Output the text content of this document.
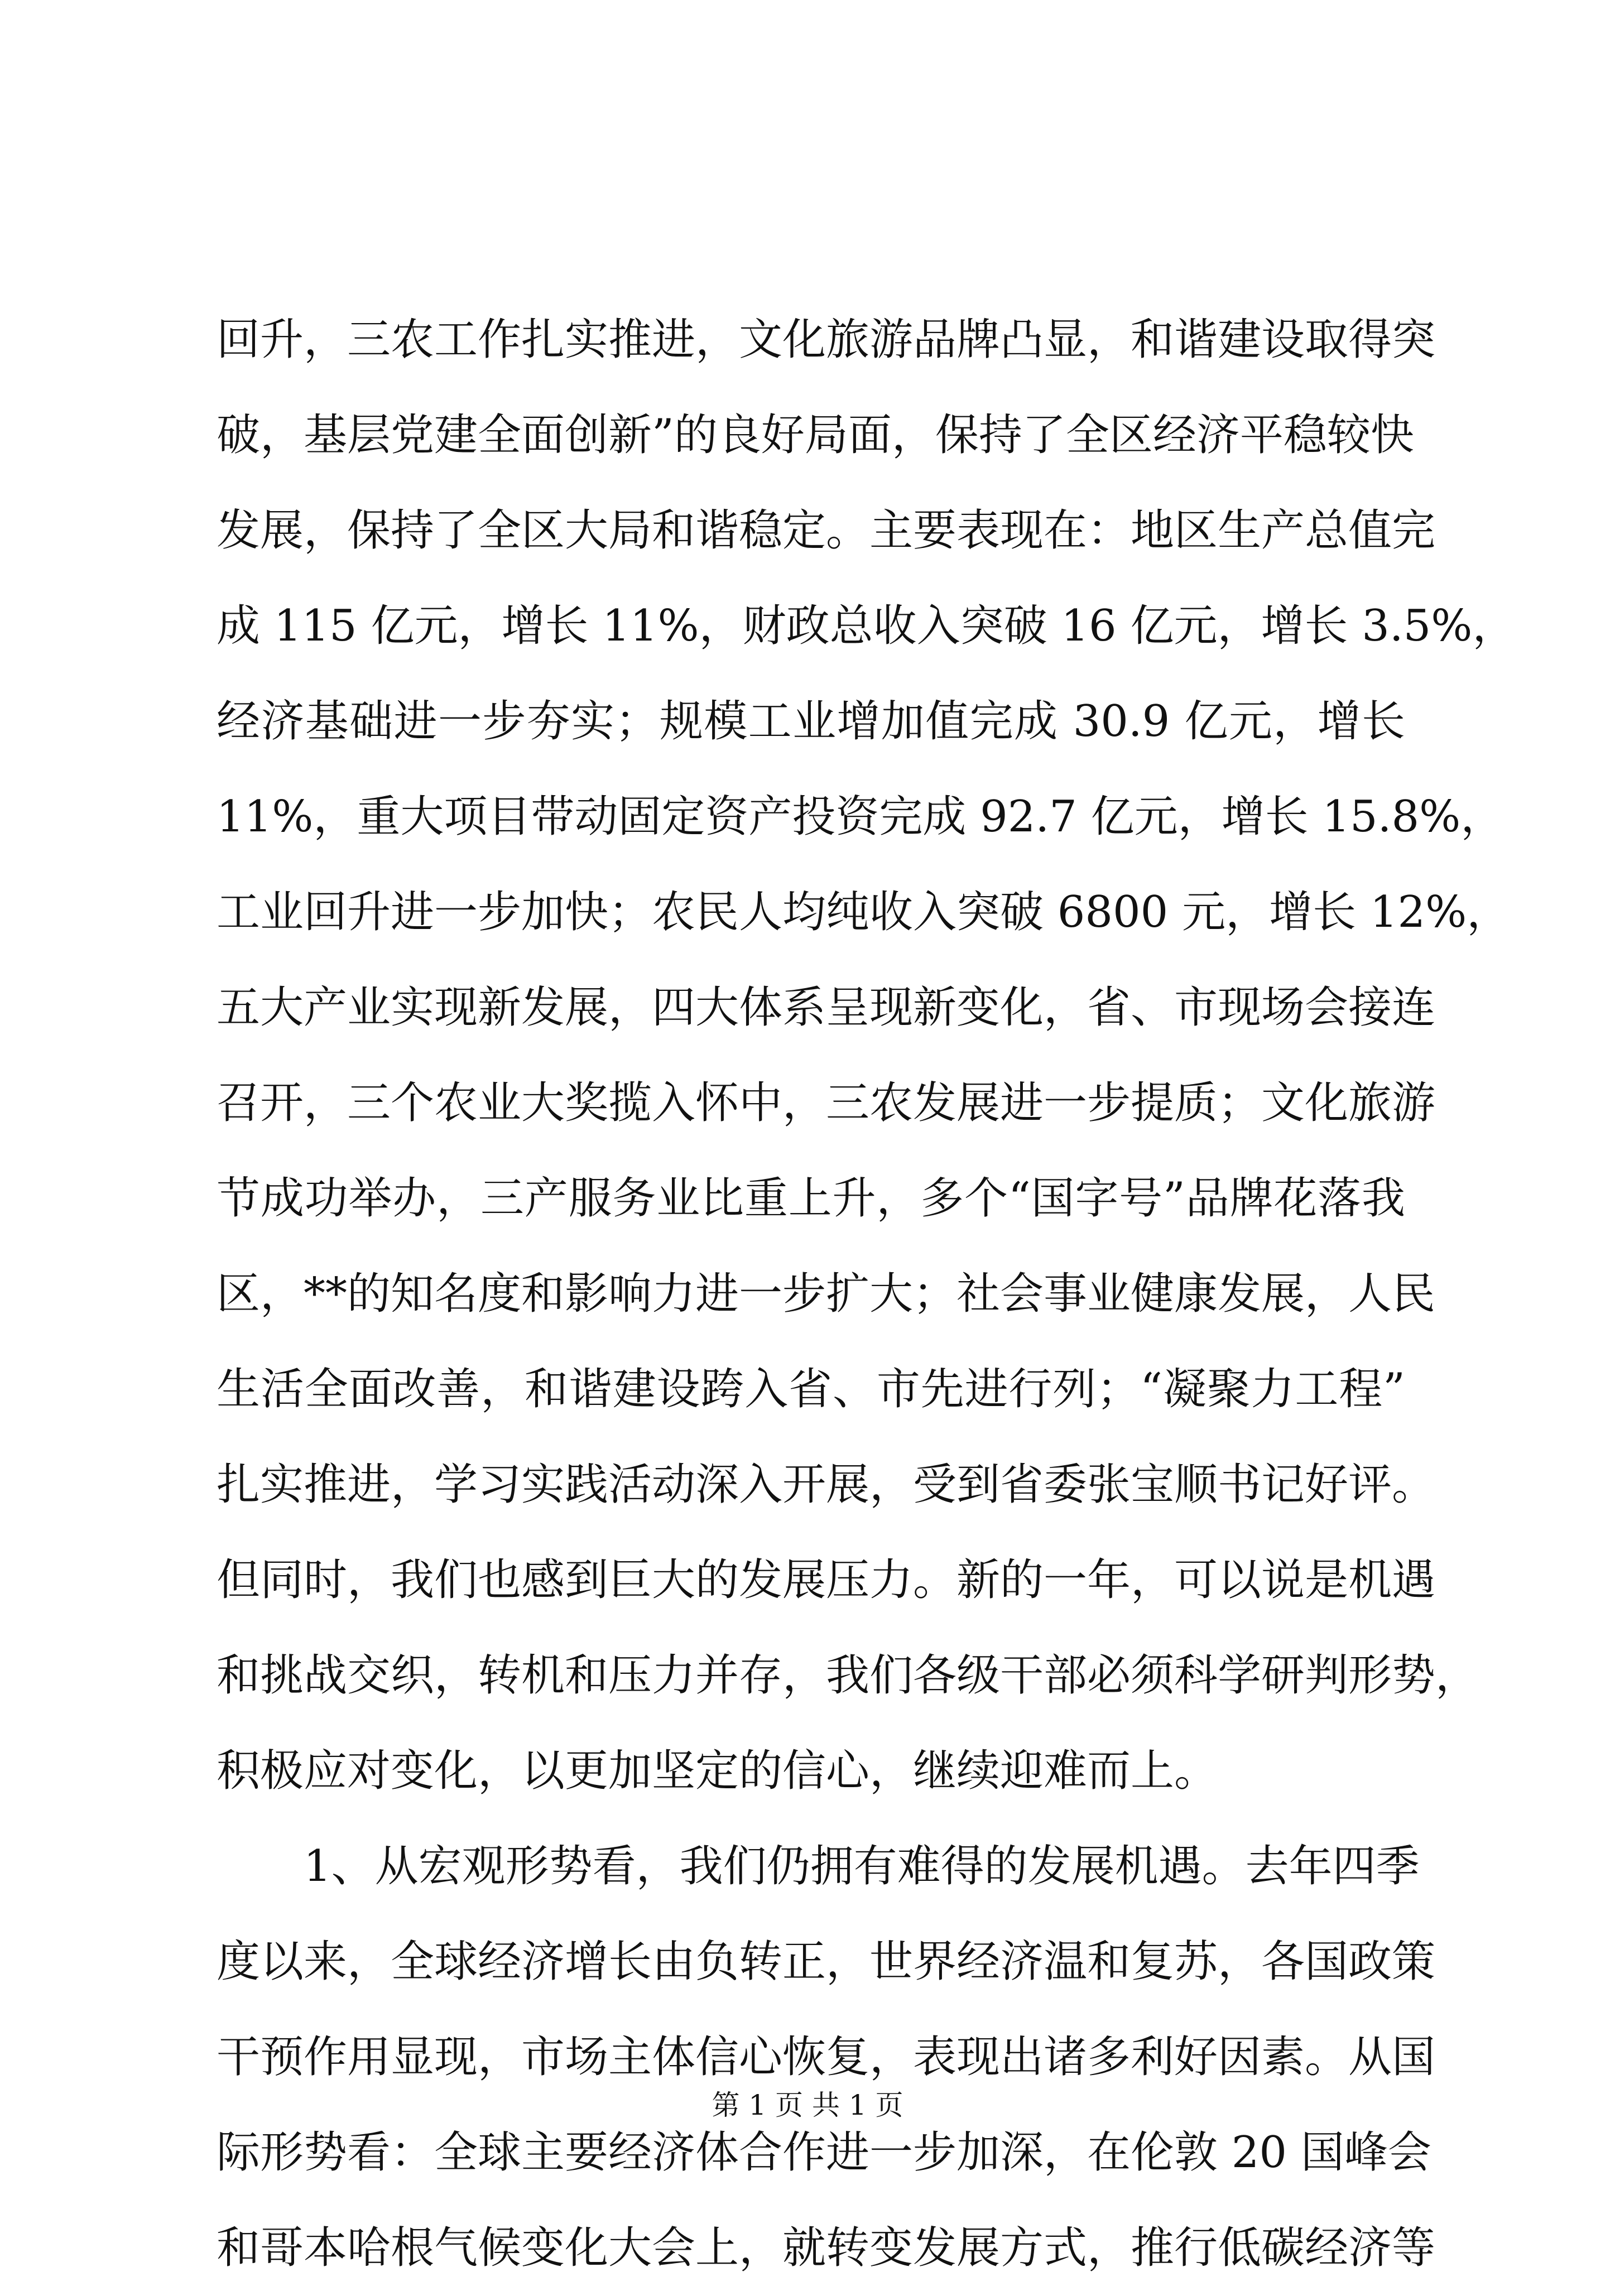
回升，三农工作扎实推进，文化旅游品牌凸显，和谐建设取得突
破，基层党建全面创新”的良好局面，保持了全区经济平稳较快
发展，保持了全区大局和谐稳定。主要表现在：地区生产总值完
成 115 亿元，增长 11%，财政总收入突破 16 亿元，增长 3.5%，
经济基础进一步夯实；规模工业增加值完成 30.9 亿元，增长
11%，重大项目带动固定资产投资完成 92.7 亿元，增长 15.8%，
工业回升进一步加快；农民人均纯收入突破 6800 元，增长 12%，
五大产业实现新发展，四大体系呈现新变化，省、市现场会接连
召开，三个农业大奖揽入怀中，三农发展进一步提质；文化旅游
节成功举办，三产服务业比重上升，多个“国字号”品牌花落我
区，**的知名度和影响力进一步扩大；社会事业健康发展，人民
生活全面改善，和谐建设跨入省、市先进行列；“凝聚力工程”
扎实推进，学习实践活动深入开展，受到省委张宝顺书记好评。
但同时，我们也感到巨大的发展压力。新的一年，可以说是机遇
和挑战交织，转机和压力并存，我们各级干部必须科学研判形势，
积极应对变化，以更加坚定的信心，继续迎难而上。
1、从宏观形势看，我们仍拥有难得的发展机遇。去年四季
度以来，全球经济增长由负转正，世界经济温和复苏，各国政策
干预作用显现，市场主体信心恢复，表现出诸多利好因素。从国
际形势看：全球主要经济体合作进一步加深，在伦敦 20 国峰会
和哥本哈根气候变化大会上，就转变发展方式，推行低碳经济等
第 1 页 共 1 页
